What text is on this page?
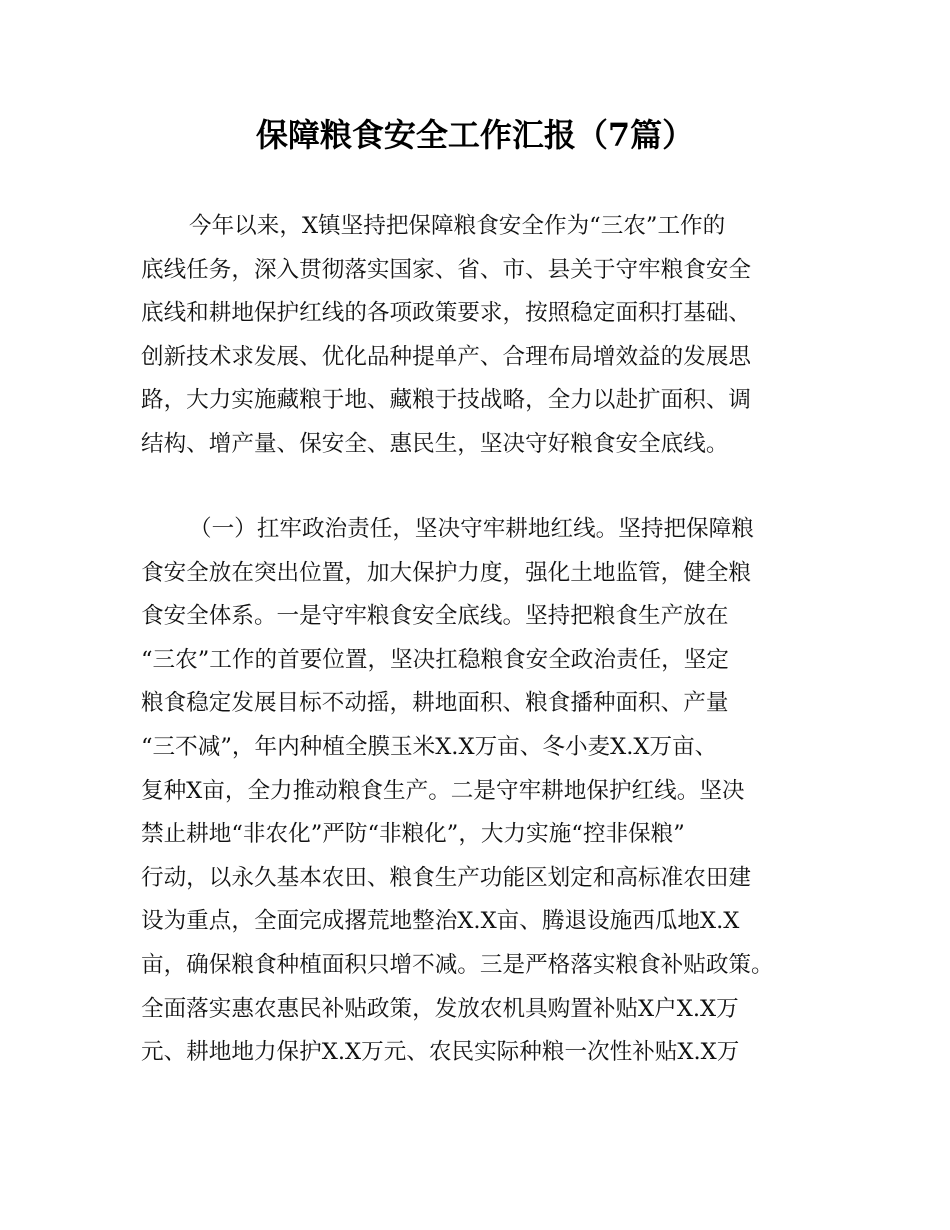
保障粮食安全工作汇报（7篇）
今年以来，X镇坚持把保障粮食安全作为“三农”工作的
底线任务，深入贯彻落实国家、省、市、县关于守牢粮食安全
底线和耕地保护红线的各项政策要求，按照稳定面积打基础、
创新技术求发展、优化品种提单产、合理布局增效益的发展思
路，大力实施藏粮于地、藏粮于技战略，全力以赴扩面积、调
结构、增产量、保安全、惠民生，坚决守好粮食安全底线。
（一）扛牢政治责任，坚决守牢耕地红线。坚持把保障粮
食安全放在突出位置，加大保护力度，强化土地监管，健全粮
食安全体系。一是守牢粮食安全底线。坚持把粮食生产放在
“三农”工作的首要位置，坚决扛稳粮食安全政治责任，坚定
粮食稳定发展目标不动摇，耕地面积、粮食播种面积、产量
“三不减”，年内种植全膜玉米X.X万亩、冬小麦X.X万亩、
复种X亩，全力推动粮食生产。二是守牢耕地保护红线。坚决
禁止耕地“非农化”严防“非粮化”，大力实施“控非保粮”
行动，以永久基本农田、粮食生产功能区划定和高标准农田建
设为重点，全面完成撂荒地整治X.X亩、腾退设施西瓜地X.X
亩，确保粮食种植面积只增不减。三是严格落实粮食补贴政策。
全面落实惠农惠民补贴政策，发放农机具购置补贴X户X.X万
元、耕地地力保护X.X万元、农民实际种粮一次性补贴X.X万
